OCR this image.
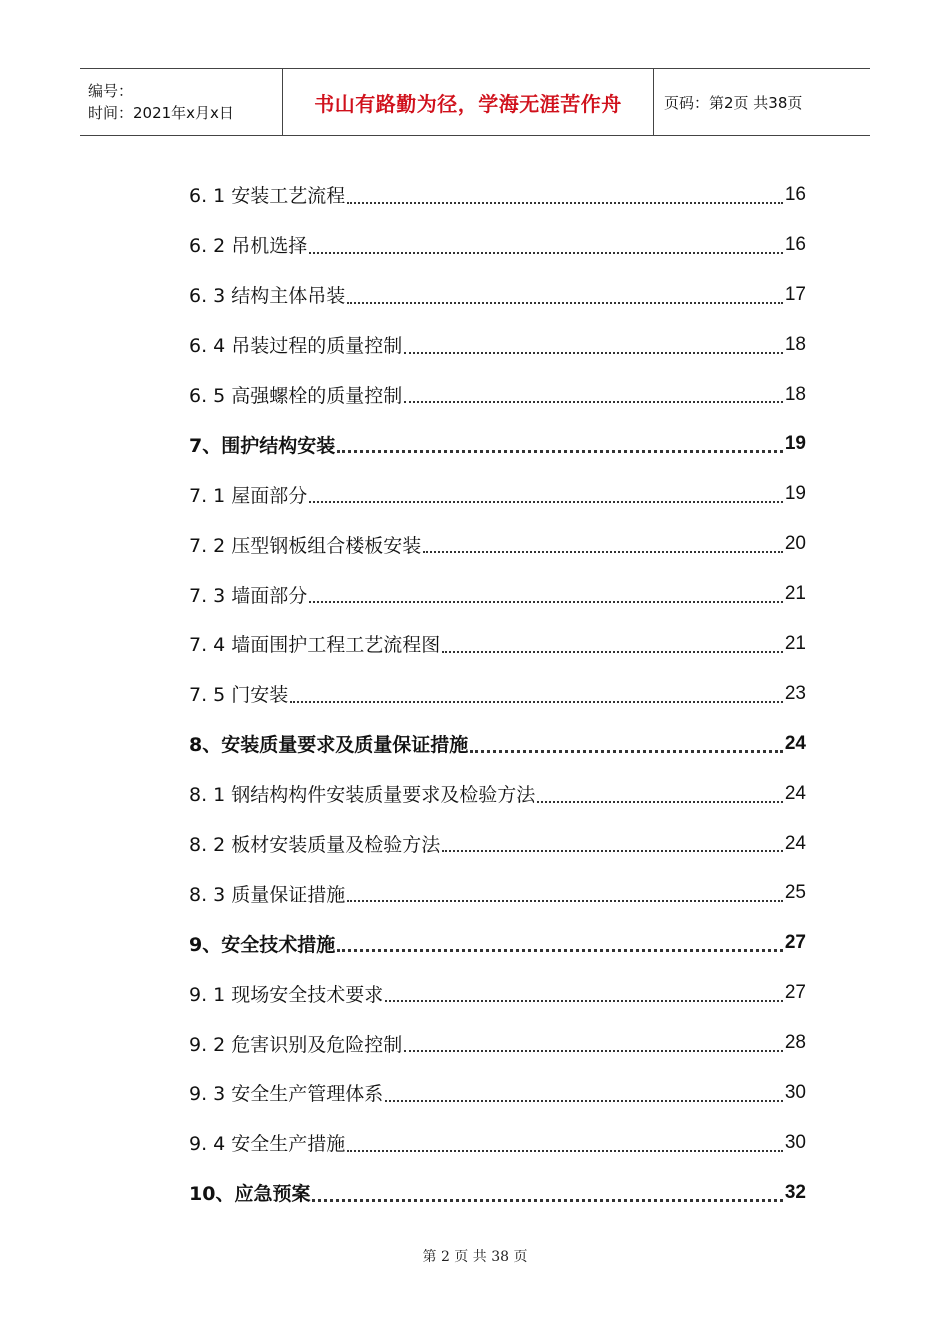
编号：
时间：2021年x月x日	书山有路勤为径，学海无涯苦作舟	页码：第2页 共38页
6. 1 安装工艺流程	16
6. 2 吊机选择	16
6. 3 结构主体吊装	17
6. 4 吊装过程的质量控制	18
6. 5 高强螺栓的质量控制	18
7、围护结构安装	19
7. 1 屋面部分	19
7. 2 压型钢板组合楼板安装	20
7. 3 墙面部分	21
7. 4 墙面围护工程工艺流程图	21
7. 5 门安装	23
8、安装质量要求及质量保证措施	24
8. 1 钢结构构件安装质量要求及检验方法	24
8. 2 板材安装质量及检验方法	24
8. 3 质量保证措施	25
9、安全技术措施	27
9. 1 现场安全技术要求	27
9. 2 危害识别及危险控制	28
9. 3 安全生产管理体系	30
9. 4 安全生产措施	30
10、应急预案	32
第 2 页 共 38 页
